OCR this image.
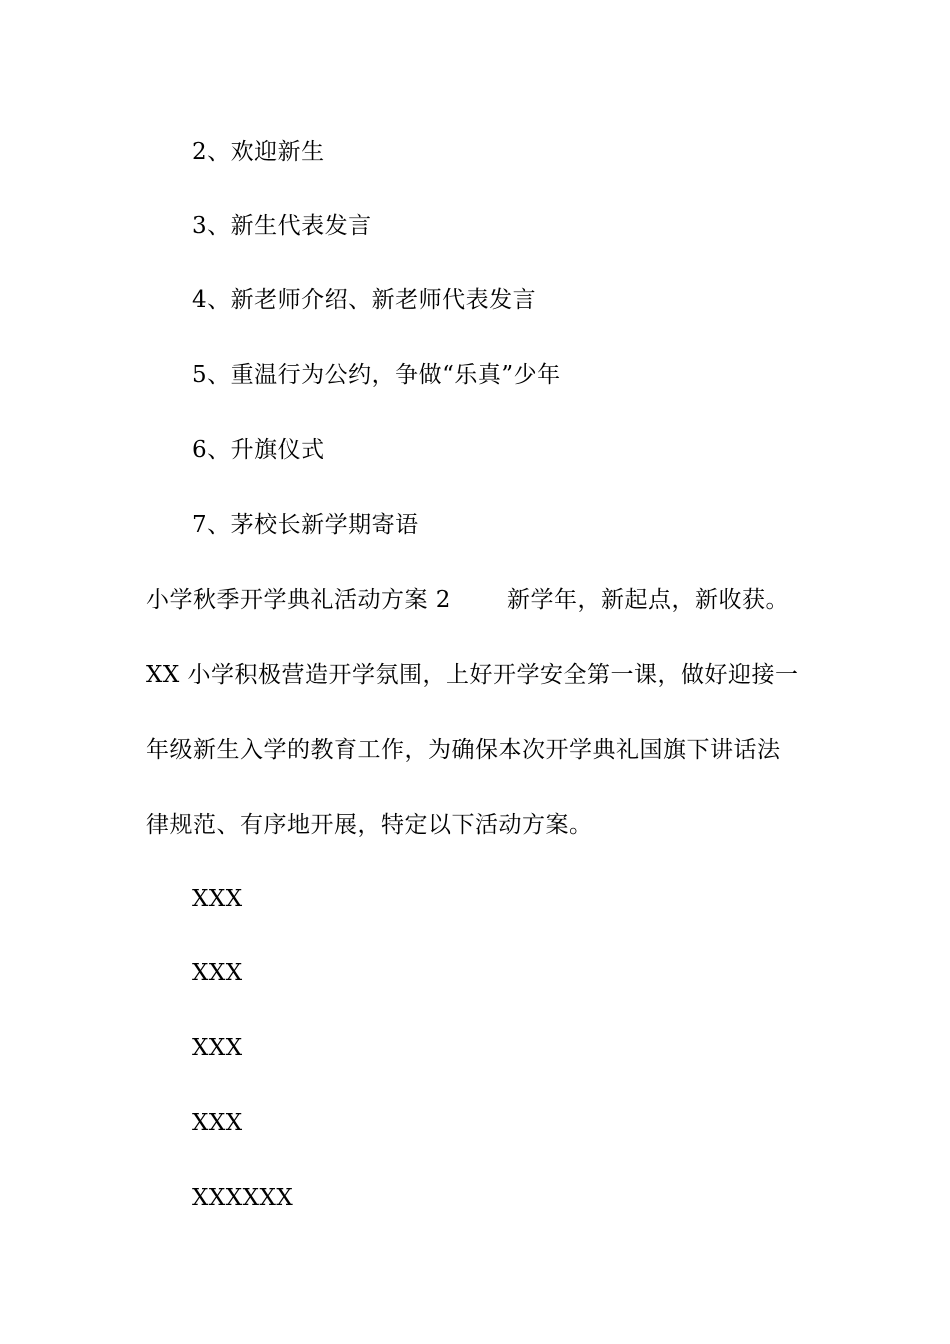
2、欢迎新生
3、新生代表发言
4、新老师介绍、新老师代表发言
5、重温行为公约，争做“乐真”少年
6、升旗仪式
7、茅校长新学期寄语
小学秋季开学典礼活动方案 2 新学年，新起点，新收获。
XX 小学积极营造开学氛围，上好开学安全第一课，做好迎接一
年级新生入学的教育工作，为确保本次开学典礼国旗下讲话法
律规范、有序地开展，特定以下活动方案。
XXX
XXX
XXX
XXX
XXXXXX
